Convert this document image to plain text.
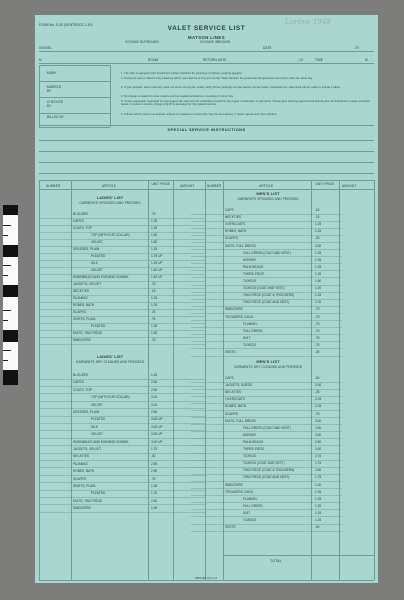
FORM No. S-30 (SENTENCE-1-49)	Lurline 1948
VALET SERVICE LIST
MATSON LINES
VESSEL
VOYAGE OUTBOUND	VOYAGE INBOUND
DATE	, 19
M	ROOM	RETURN DATE	, 19	TIME	M
MARK
MARKED BY
CHECKED BY
BILLED BY
1. The ship is equipped with limited but modern facilities for pressing of ordinary wearing apparel.
2. Garments sent to Valet for dry-cleaning will be sent ashore at first port of call. Work will then be performed and garments returned to ship the same day.
3. If your apparel, when returned, does not show one big fat, kindly notify Purser promptly so that search can be made. Collections for valet work will be made by Purser's office.
4. No charge is made for minor repairs such as replacing buttons or mending of minor rips.
5. Unless especially requested by passengers the valet will not undertake to perform any repair or alteration to garments. Passengers desiring special work should give full directions in space provided below. A minimum service charge of $.25 is assessed for this special service.
6. Articles which cannot be cleaned, altered or repaired on board ship may be sent ashore, if owner agrees and then practice.
SPECIAL SERVICE INSTRUCTIONS
NUMBER	ARTICLE	UNIT PRICE	AMOUNT	NUMBER	ARTICLE	UNIT PRICE AMOUNT
LADIES' LIST
GARMENTS SPONGED AND PRESSED
LADIES' LIST
GARMENTS DRY CLEANED AND PRESSED
MEN'S LIST
GARMENTS SPONGED AND PRESSED
MEN'S LIST
GARMENTS DRY CLEANED AND PRESSED
BLOUSES	.75
CAPES	1.25
COATS, TOP	1.25
TOP (WITH FUR COLLAR)	1.50
VELVET	1.50
DRESSES, PLAIN	1.25
PLEATED	1.25 UP
SILK	1.25 UP
VELVET	1.50 UP
ENSEMBLES AND EVENING GOWNS	1.50 UP
JACKETS, VELVET	.75
NECKTIES	.15
PAJAMAS	1.25
ROBES, BATH	1.25
SCARFS	.25
SKIRTS, PLAIN	.75
PLEATED	1.25
SUITS, TWO-PIECE	1.50
SWEATERS	.75
BLOUSES	1.25
CAPES	2.50
COATS, TOP	2.50
TOP (WITH FUR COLLAR)	3.00
VELVET	3.00
DRESSES, PLAIN	2.50
PLEATED	3.00 UP
SILK	3.00 UP
VELVET	3.00 UP
ENSEMBLES AND EVENING GOWNS	3.00 UP
JACKETS, VELVET	1.75
NECKTIES	.30
PAJAMAS	2.50
ROBES, BATH	2.50
SCARFS	.75
SKIRTS, PLAIN	1.25
PLEATED	1.75
SUITS, TWO-PIECE	2.50
SWEATERS	1.00
CAPS	.15
NECKTIES	.15
OVERCOATS	1.25
ROBES, BATH	1.25
SCARFS	.25
SUITS, FULL DRESS	2.00
FULL DRESS (COAT AND VEST)	1.25
MOHAIR	1.25
PALM BEACH	1.25
THREE-PIECE	1.25
TUXEDO	1.50
TUXEDO (COAT AND VEST)	1.00
TWO-PIECE (COAT & TROUSERS)	1.25
TWO-PIECE (COAT AND VEST)	1.00
SWEATERS	.75
TROUSERS, DUCK	.75
FLANNEL	.75
FULL DRESS	.75
SUIT	.75
TUXEDO	.75
VESTS	.25
CAPS	.50
JACKETS, SUEDE	3.00
NECKTIES	.25
OVERCOATS	2.25
ROBES, BATH	2.25
SCARFS	.75
SUITS, FULL DRESS	3.00
FULL DRESS (COAT AND VEST)	2.50
MOHAIR	3.00
PALM BEACH	2.50
THREE-PIECE	3.00
TUXEDO	2.75
TUXEDO (COAT AND VEST)	1.75
TWO-PIECE (COAT & TROUSERS)	2.50
TWO-PIECE (COAT AND VEST)	1.75
SWEATERS	1.00
TROUSERS, DUCK	1.25
FLANNEL	1.25
FULL DRESS	1.25
SUIT	1.25
TUXEDO	1.25
VESTS	.50
TOTAL
PRINTED IN U.S.A.
